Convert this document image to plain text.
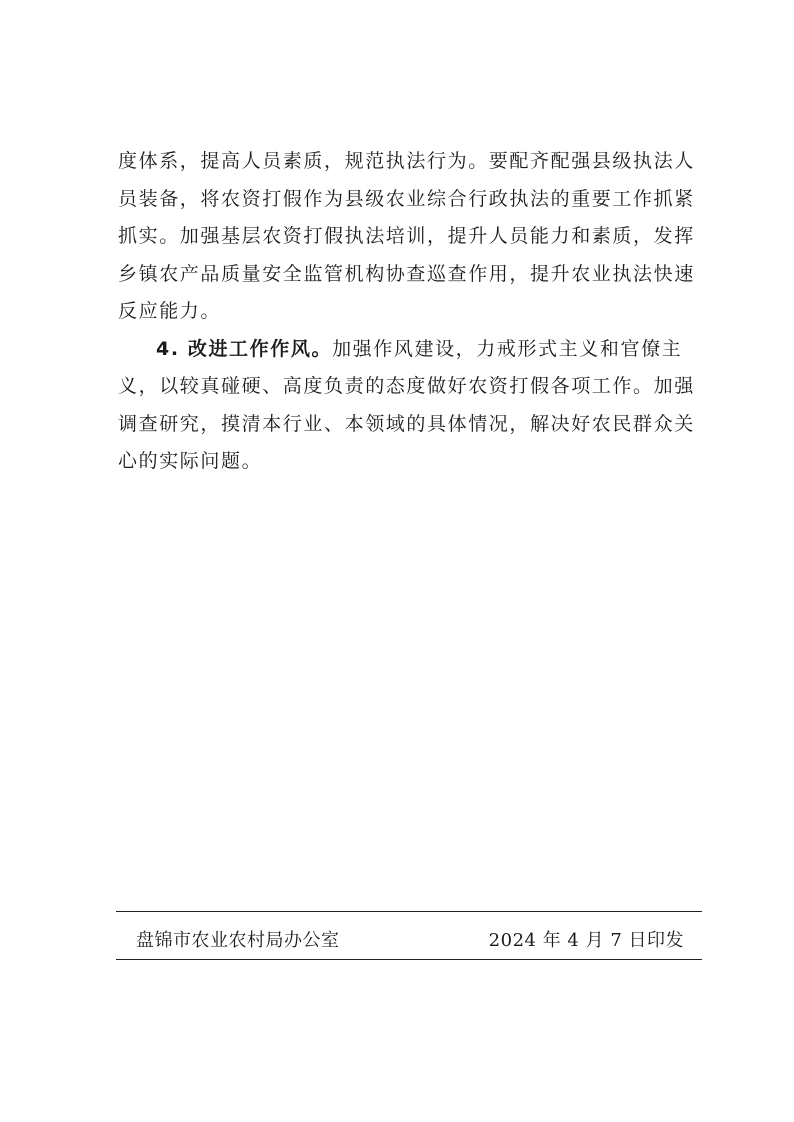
度体系，提高人员素质，规范执法行为。要配齐配强县级执法人
员装备，将农资打假作为县级农业综合行政执法的重要工作抓紧
抓实。加强基层农资打假执法培训，提升人员能力和素质，发挥
乡镇农产品质量安全监管机构协查巡查作用，提升农业执法快速
反应能力。
4. 改进工作作风。加强作风建设，力戒形式主义和官僚主
义，以较真碰硬、高度负责的态度做好农资打假各项工作。加强
调查研究，摸清本行业、本领域的具体情况，解决好农民群众关
心的实际问题。
盘锦市农业农村局办公室	2024 年 4 月 7 日印发
